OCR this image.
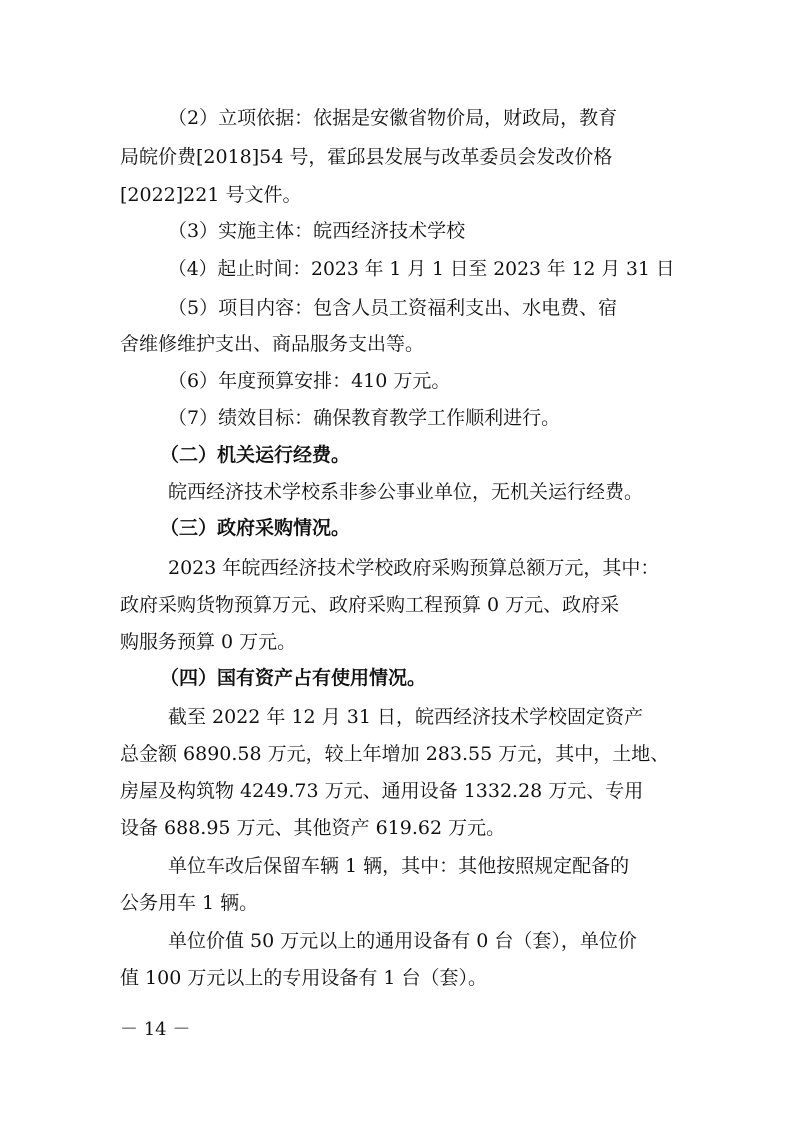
（2）立项依据：依据是安徽省物价局，财政局，教育
局皖价费[2018]54 号，霍邱县发展与改革委员会发改价格
[2022]221 号文件。
（3）实施主体：皖西经济技术学校
（4）起止时间：2023 年 1 月 1 日至 2023 年 12 月 31 日
（5）项目内容：包含人员工资福利支出、水电费、宿
舍维修维护支出、商品服务支出等。
（6）年度预算安排：410 万元。
（7）绩效目标：确保教育教学工作顺利进行。
（二）机关运行经费。
皖西经济技术学校系非参公事业单位，无机关运行经费。
（三）政府采购情况。
2023 年皖西经济技术学校政府采购预算总额万元，其中：
政府采购货物预算万元、政府采购工程预算 0 万元、政府采
购服务预算 0 万元。
（四）国有资产占有使用情况。
截至 2022 年 12 月 31 日，皖西经济技术学校固定资产
总金额 6890.58 万元，较上年增加 283.55 万元，其中，土地、
房屋及构筑物 4249.73 万元、通用设备 1332.28 万元、专用
设备 688.95 万元、其他资产 619.62 万元。
单位车改后保留车辆 1 辆，其中：其他按照规定配备的
公务用车 1 辆。
单位价值 50 万元以上的通用设备有 0 台（套），单位价
值 100 万元以上的专用设备有 1 台（套）。
－ 14 －
